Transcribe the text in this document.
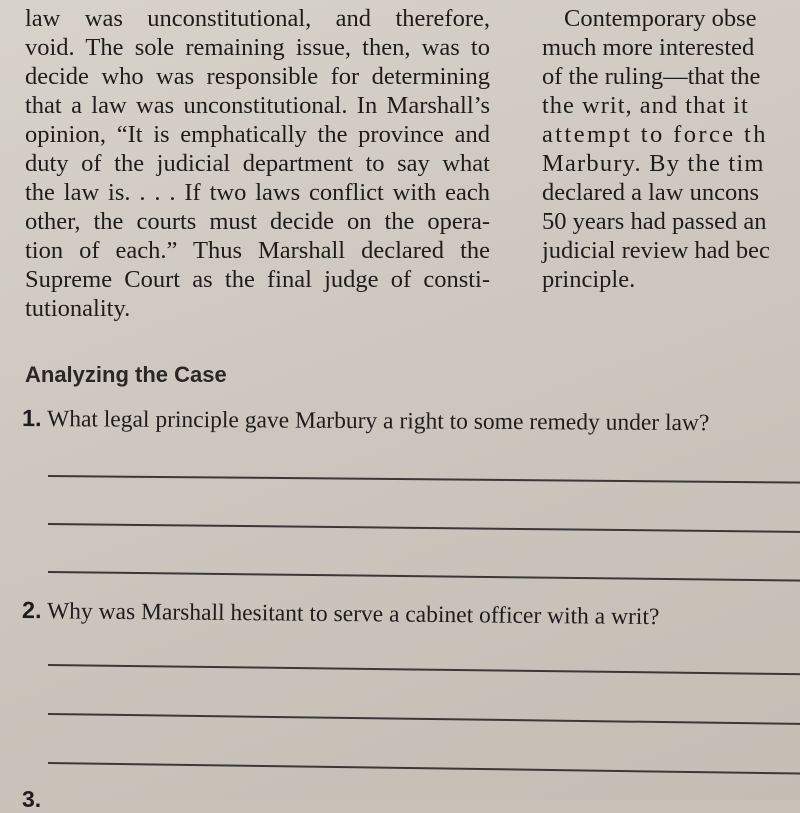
law was unconstitutional, and therefore,
void. The sole remaining issue, then, was to
decide who was responsible for determining
that a law was unconstitutional. In Marshall’s
opinion, “It is emphatically the province and
duty of the judicial department to say what
the law is. . . . If two laws conflict with each
other, the courts must decide on the opera-
tion of each.” Thus Marshall declared the
Supreme Court as the final judge of consti-
tutionality.
Contemporary obse
much more interested
of the ruling—that the
the writ, and that it
attempt to force th
Marbury. By the tim
declared a law uncons
50 years had passed an
judicial review had bec
principle.
Analyzing the Case

1. What legal principle gave Marbury a right to some remedy under law?

2. Why was Marshall hesitant to serve a cabinet officer with a writ?

3.
